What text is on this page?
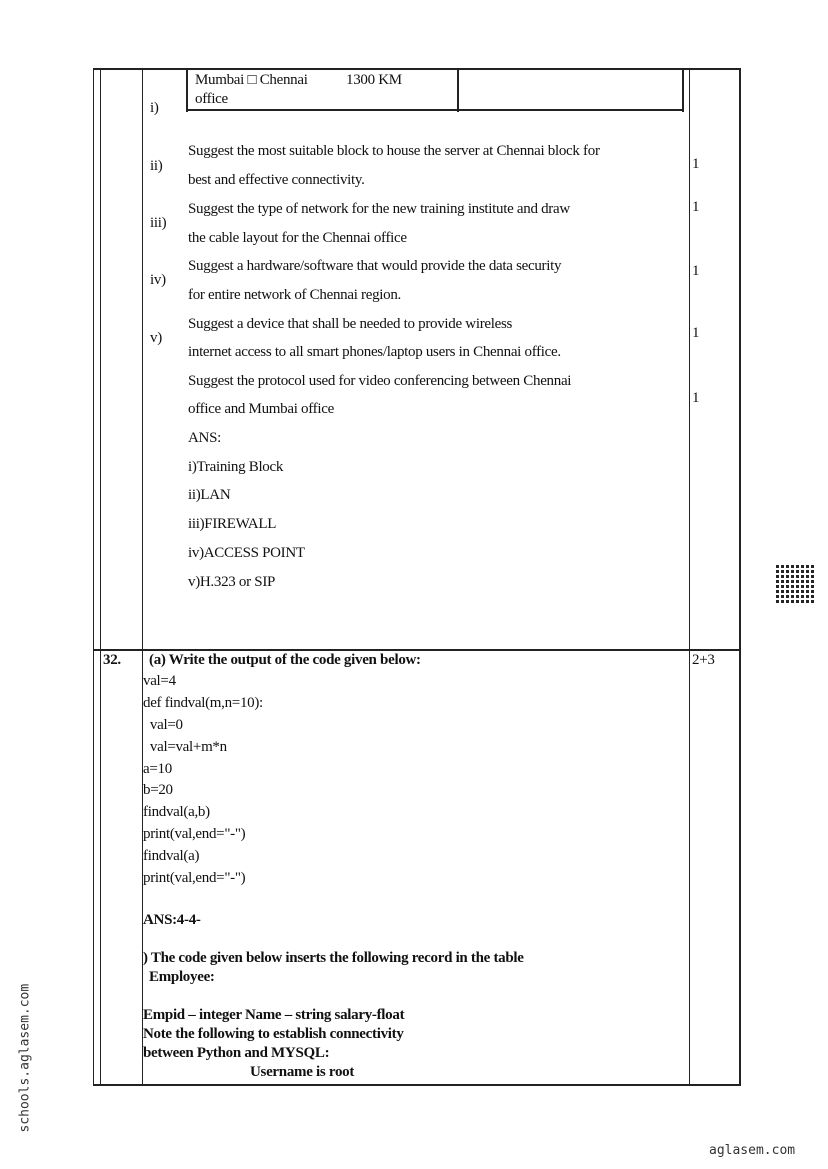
Mumbai □ Chennai
office
1300 KM
i)
ii)
iii)
iv)
v)
Suggest the most suitable block to house the server at Chennai block for
best and effective connectivity.
Suggest the type of network for the new training institute and draw
the cable layout for the Chennai office
Suggest a hardware/software that would provide the data security
for entire network of Chennai region.
Suggest a device that shall be needed to provide wireless
internet access to all smart phones/laptop users in Chennai office.
Suggest the protocol used for video conferencing between Chennai
office and Mumbai office
ANS:
i)Training Block
ii)LAN
iii)FIREWALL
iv)ACCESS POINT
v)H.323 or SIP
1
1
1
1
1
32.	2+3
(a) Write the output of the code given below:
val=4
def findval(m,n=10):
val=0
val=val+m*n
a=10
b=20
findval(a,b)
print(val,end="-")
findval(a)
print(val,end="-")
ANS:4-4-
) The code given below inserts the following record in the table
Employee:
Empid – integer Name – string salary-float
Note the following to establish connectivity
between Python and MYSQL:
Username is root
schools.aglasem.com
aglasem.com
